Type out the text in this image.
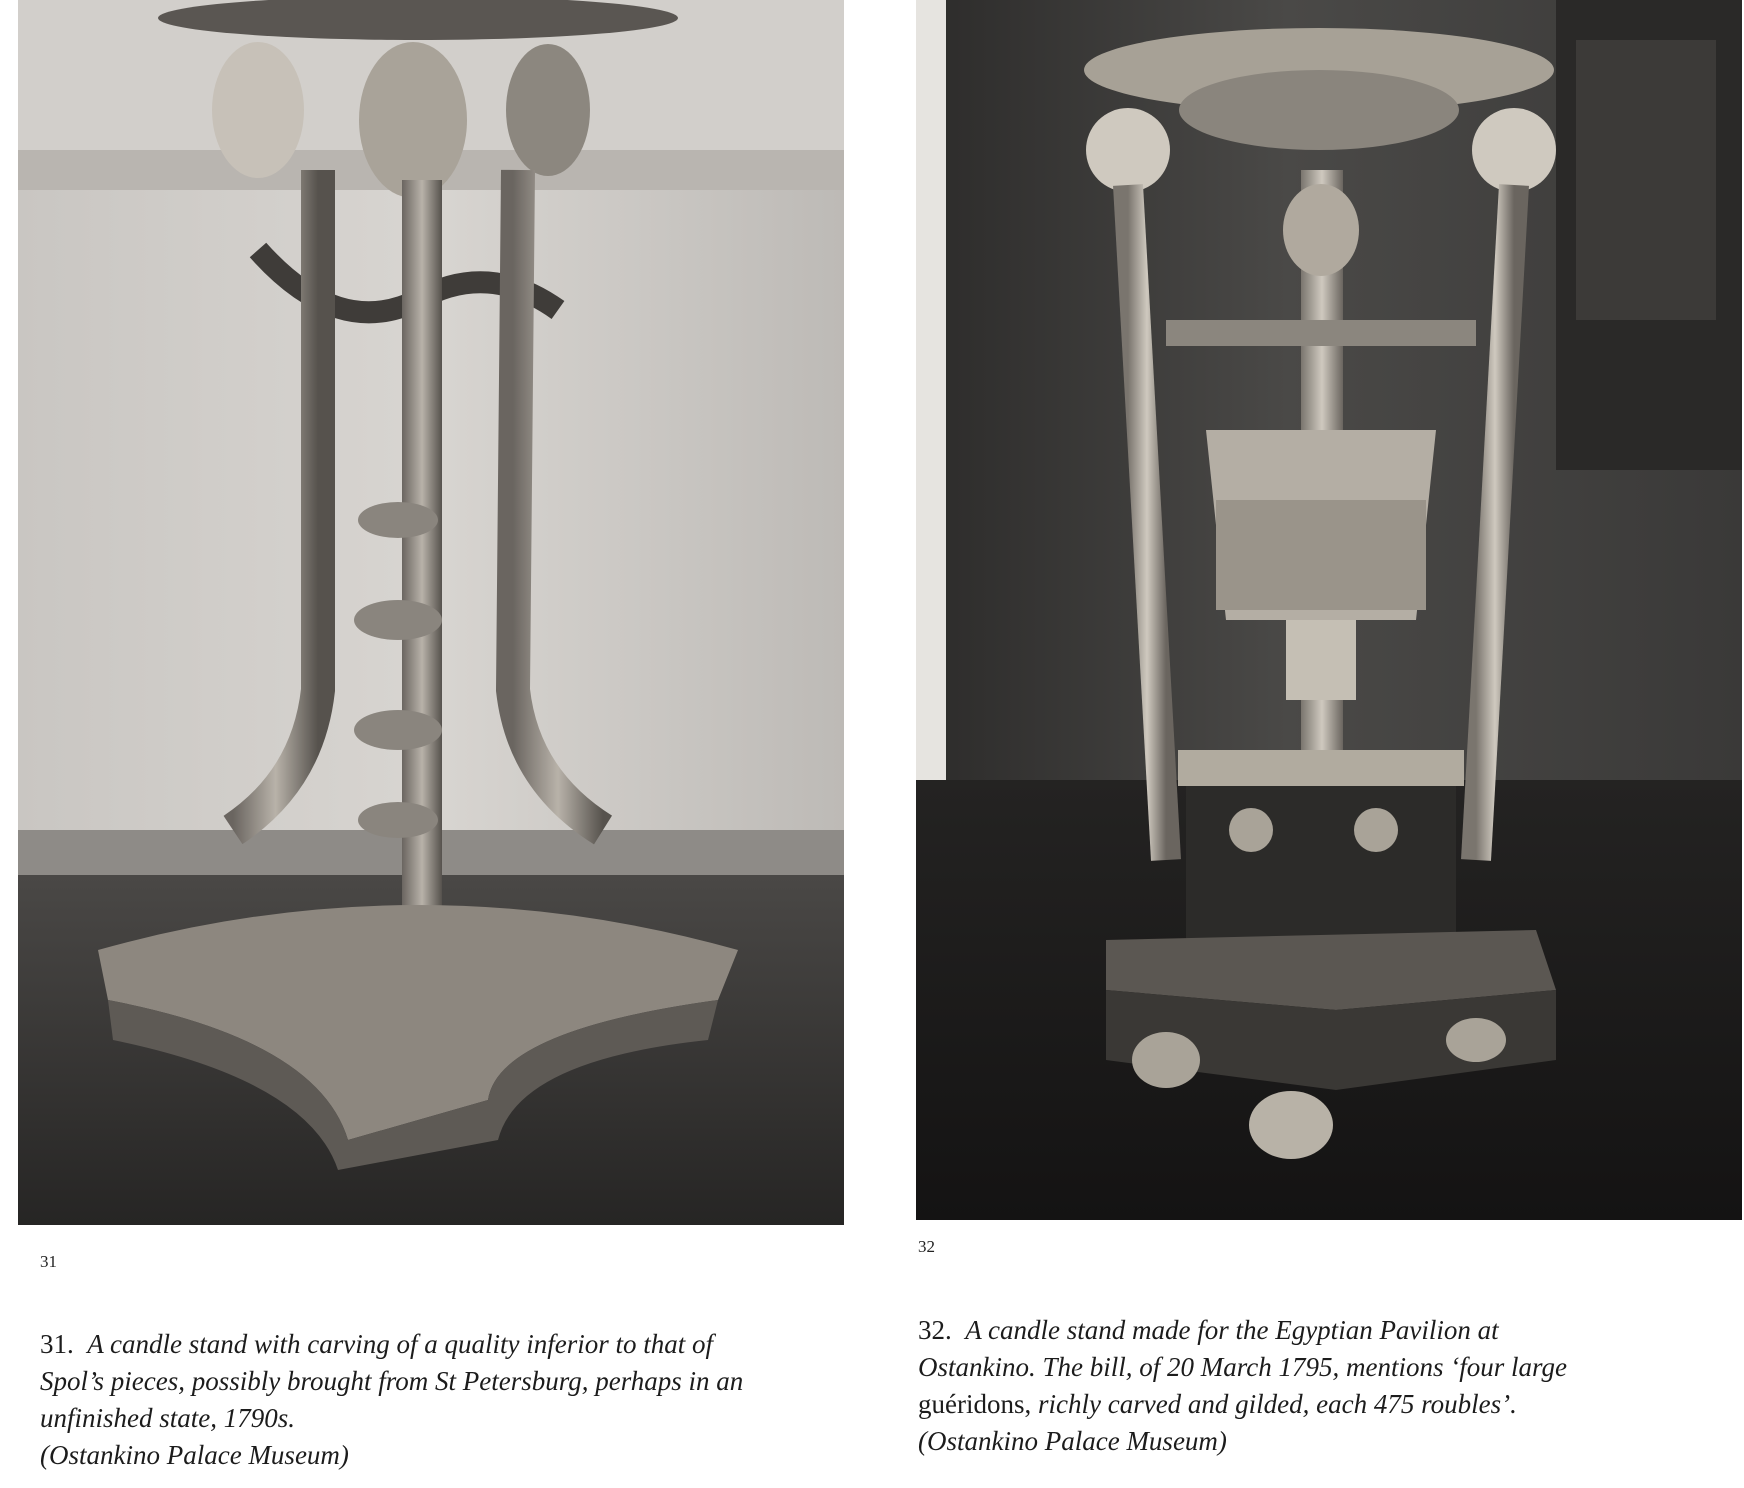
31
32
31.  A candle stand with carving of a quality inferior to that of
Spol’s pieces, possibly brought from St Petersburg, perhaps in an
unfinished state, 1790s.
(Ostankino Palace Museum)
32.  A candle stand made for the Egyptian Pavilion at
Ostankino. The bill, of 20 March 1795, mentions ‘four large
guéridons, richly carved and gilded, each 475 roubles’.
(Ostankino Palace Museum)
